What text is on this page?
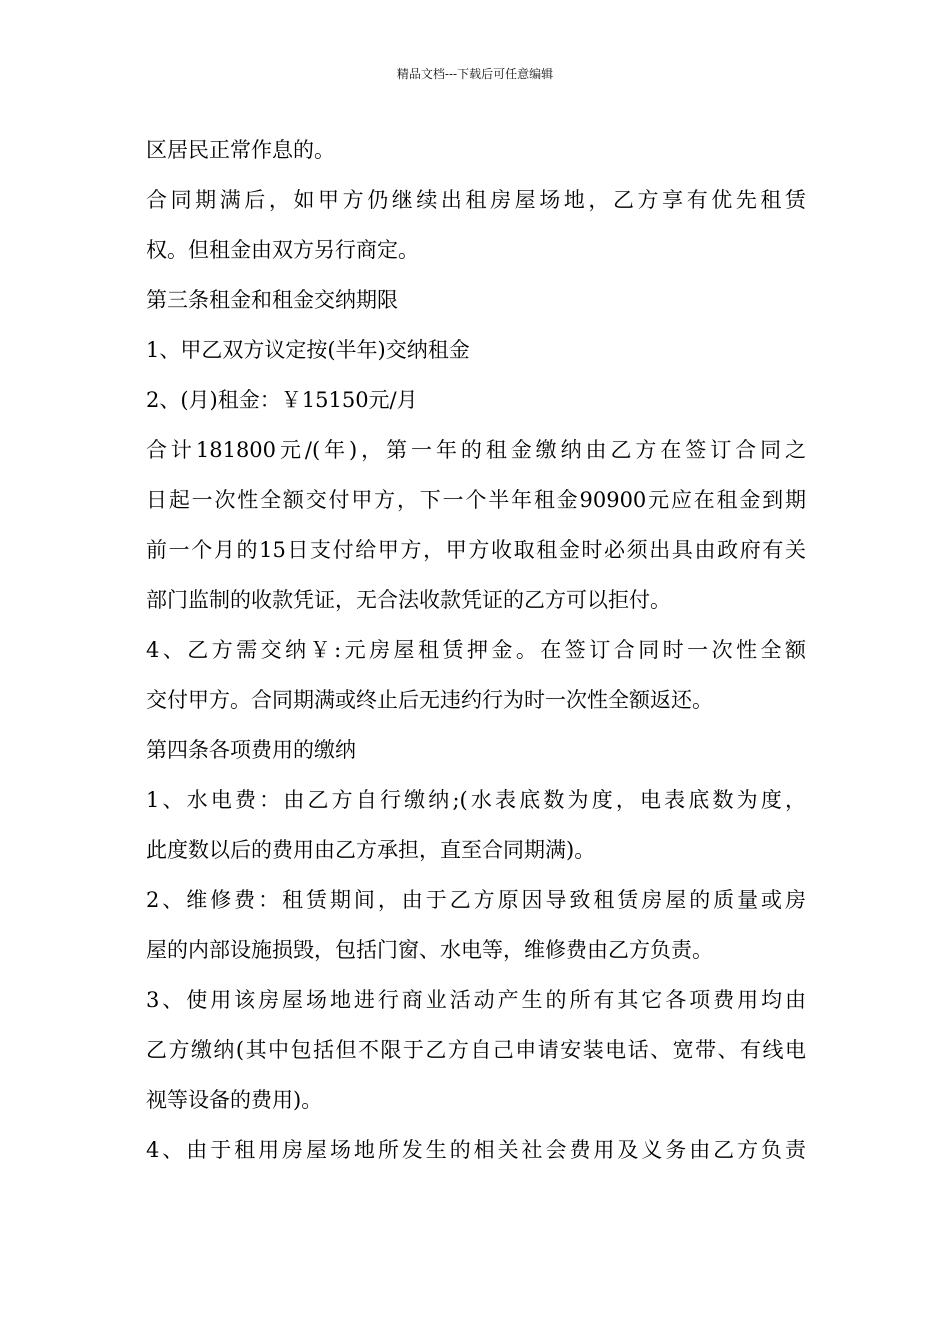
精品文档---下载后可任意编辑
区居民正常作息的。
合同期满后，如甲方仍继续出租房屋场地，乙方享有优先租赁
权。但租金由双方另行商定。
第三条租金和租金交纳期限
1、甲乙双方议定按(半年)交纳租金
2、(月)租金：￥15150元/月
合计181800元/(年)，第一年的租金缴纳由乙方在签订合同之
日起一次性全额交付甲方，下一个半年租金90900元应在租金到期
前一个月的15日支付给甲方，甲方收取租金时必须出具由政府有关
部门监制的收款凭证，无合法收款凭证的乙方可以拒付。
4、乙方需交纳￥:元房屋租赁押金。在签订合同时一次性全额
交付甲方。合同期满或终止后无违约行为时一次性全额返还。
第四条各项费用的缴纳
1、水电费：由乙方自行缴纳;(水表底数为度，电表底数为度，
此度数以后的费用由乙方承担，直至合同期满)。
2、维修费：租赁期间，由于乙方原因导致租赁房屋的质量或房
屋的内部设施损毁，包括门窗、水电等，维修费由乙方负责。
3、使用该房屋场地进行商业活动产生的所有其它各项费用均由
乙方缴纳(其中包括但不限于乙方自己申请安装电话、宽带、有线电
视等设备的费用)。
4、由于租用房屋场地所发生的相关社会费用及义务由乙方负责
